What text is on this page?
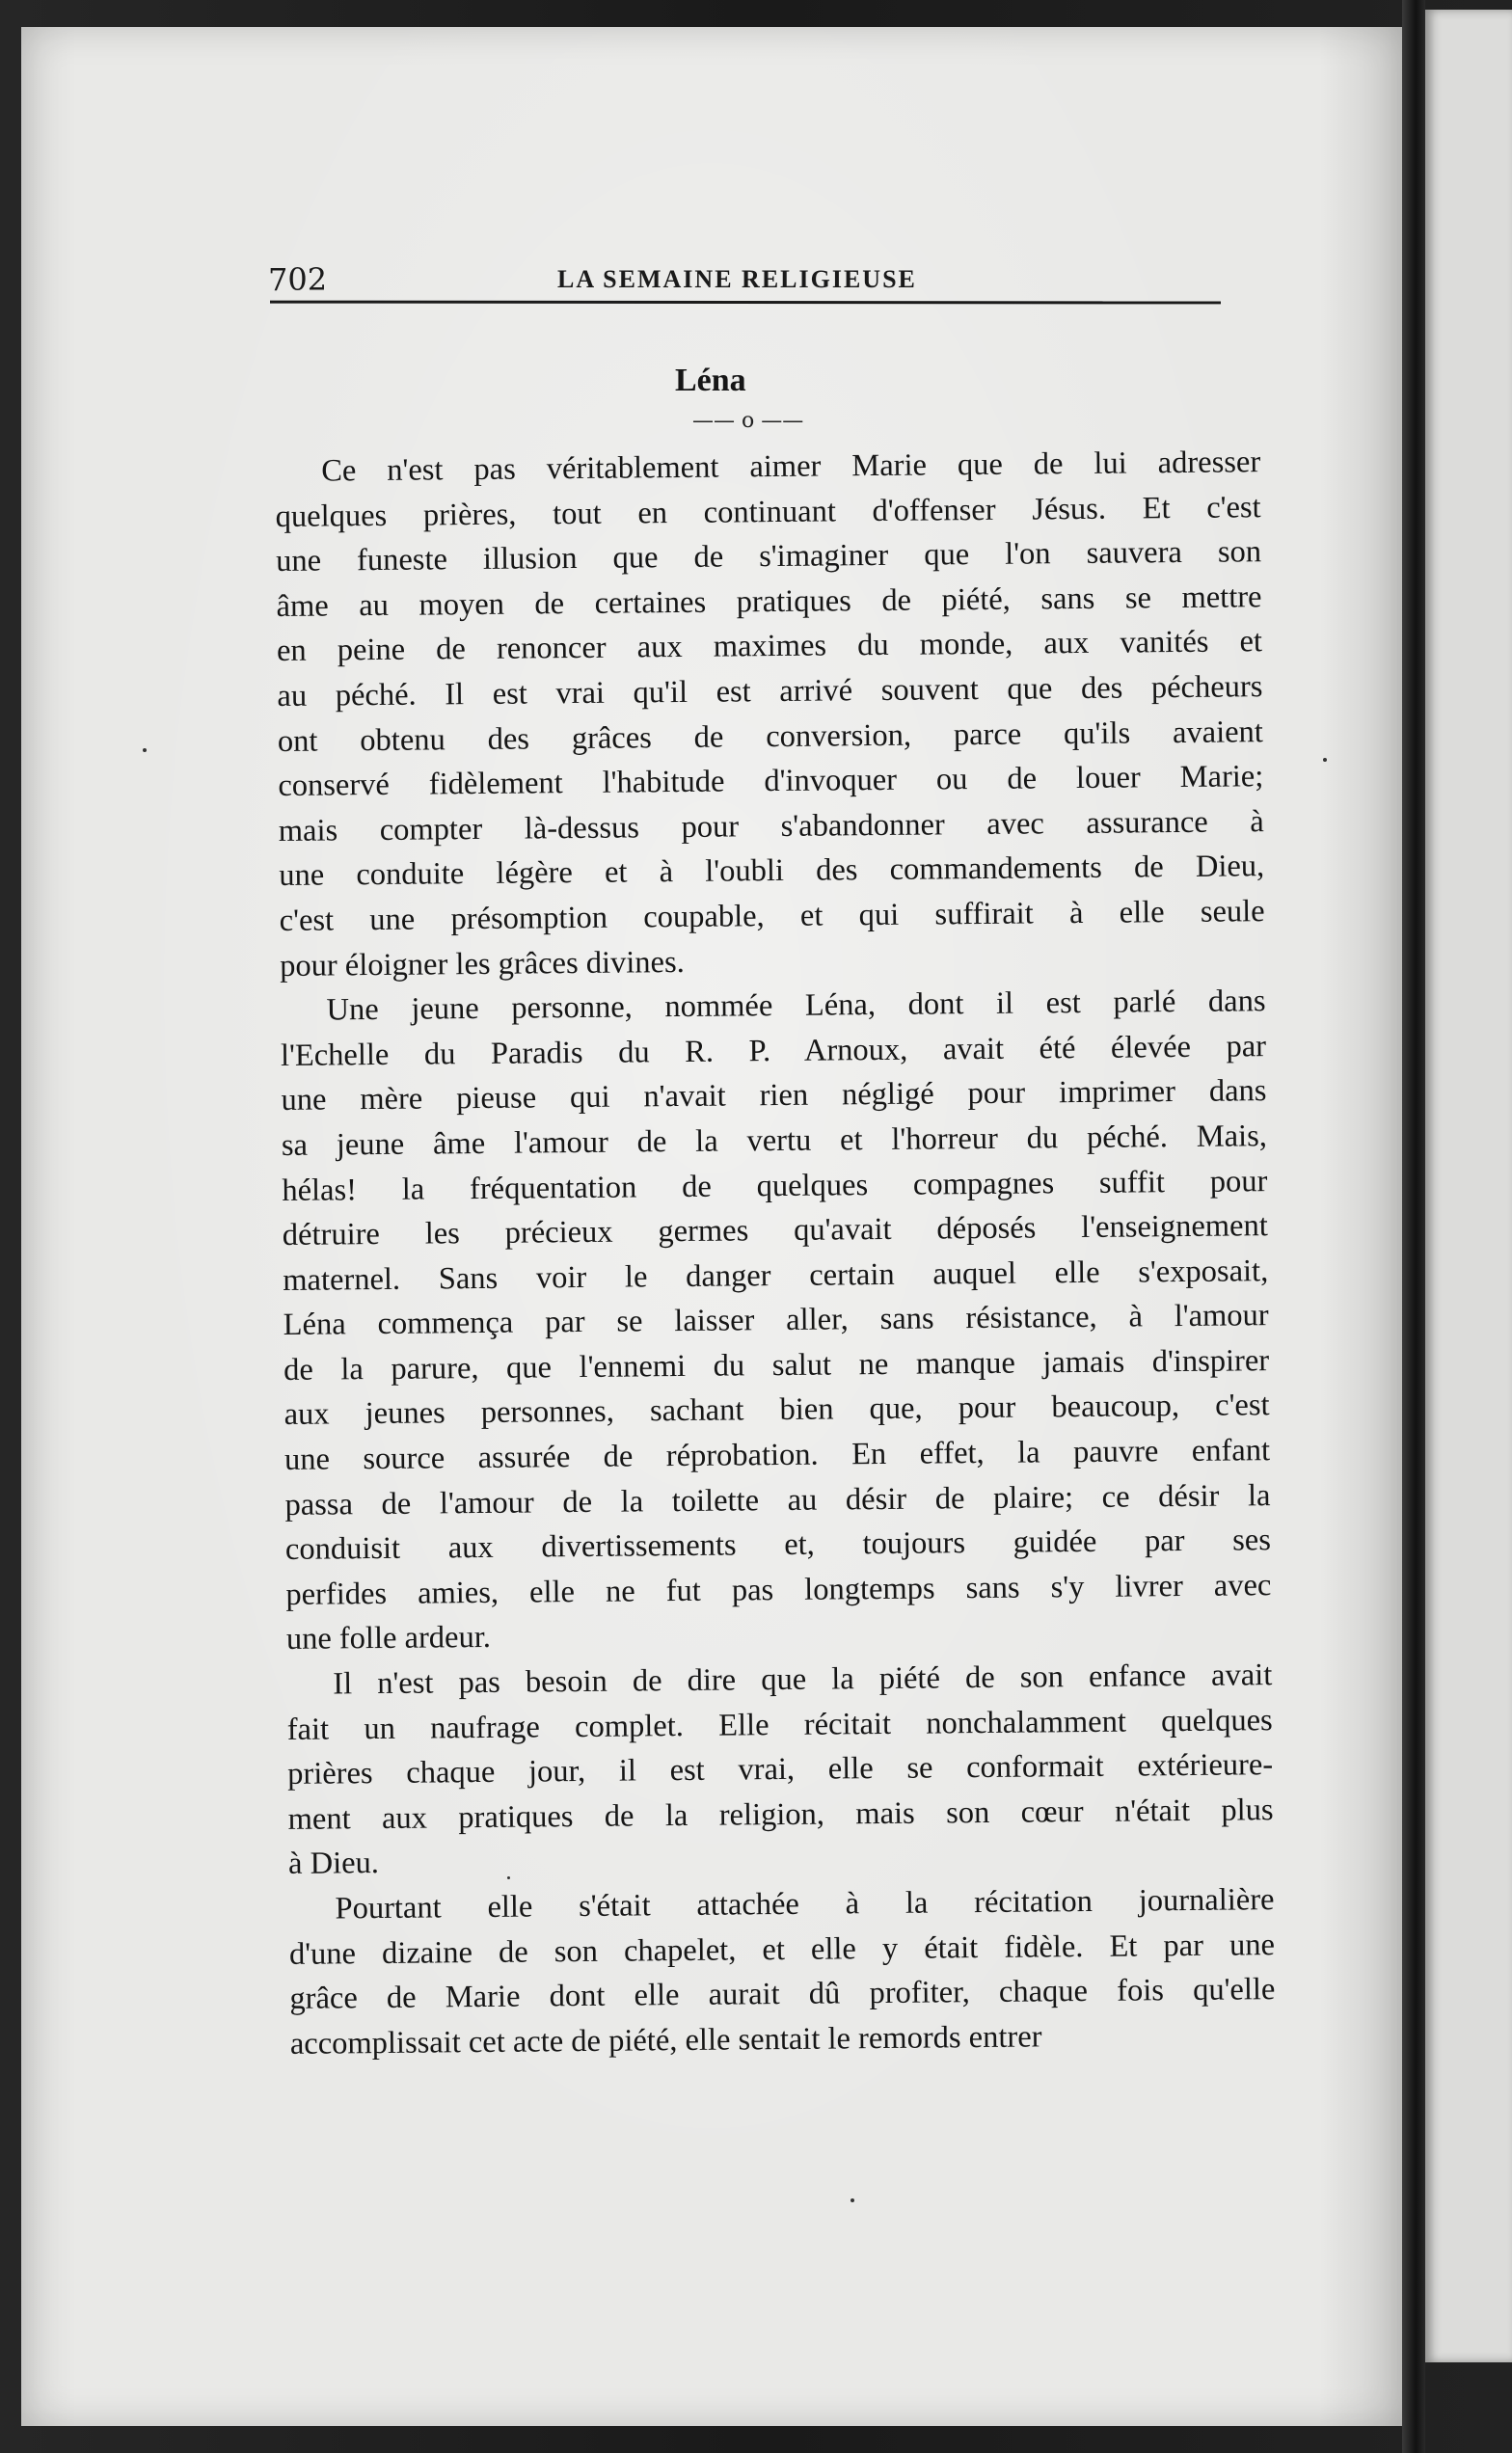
702	LA SEMAINE RELIGIEUSE
Léna
—— o ——

Ce n'est pas véritablement aimer Marie que de lui adresser
quelques prières, tout en continuant d'offenser Jésus. Et c'est
une funeste illusion que de s'imaginer que l'on sauvera son
âme au moyen de certaines pratiques de piété, sans se mettre
en peine de renoncer aux maximes du monde, aux vanités et
au péché. Il est vrai qu'il est arrivé souvent que des pécheurs
ont obtenu des grâces de conversion, parce qu'ils avaient
conservé fidèlement l'habitude d'invoquer ou de louer Marie;
mais compter là-dessus pour s'abandonner avec assurance à
une conduite légère et à l'oubli des commandements de Dieu,
c'est une présomption coupable, et qui suffirait à elle seule
pour éloigner les grâces divines.

Une jeune personne, nommée Léna, dont il est parlé dans
l'Echelle du Paradis du R. P. Arnoux, avait été élevée par
une mère pieuse qui n'avait rien négligé pour imprimer dans
sa jeune âme l'amour de la vertu et l'horreur du péché. Mais,
hélas! la fréquentation de quelques compagnes suffit pour
détruire les précieux germes qu'avait déposés l'enseignement
maternel. Sans voir le danger certain auquel elle s'exposait,
Léna commença par se laisser aller, sans résistance, à l'amour
de la parure, que l'ennemi du salut ne manque jamais d'inspirer
aux jeunes personnes, sachant bien que, pour beaucoup, c'est
une source assurée de réprobation. En effet, la pauvre enfant
passa de l'amour de la toilette au désir de plaire; ce désir la
conduisit aux divertissements et, toujours guidée par ses
perfides amies, elle ne fut pas longtemps sans s'y livrer avec
une folle ardeur.

Il n'est pas besoin de dire que la piété de son enfance avait
fait un naufrage complet. Elle récitait nonchalamment quelques
prières chaque jour, il est vrai, elle se conformait extérieure-
ment aux pratiques de la religion, mais son cœur n'était plus
à Dieu.

Pourtant elle s'était attachée à la récitation journalière
d'une dizaine de son chapelet, et elle y était fidèle. Et par une
grâce de Marie dont elle aurait dû profiter, chaque fois qu'elle
accomplissait cet acte de piété, elle sentait le remords entrer
